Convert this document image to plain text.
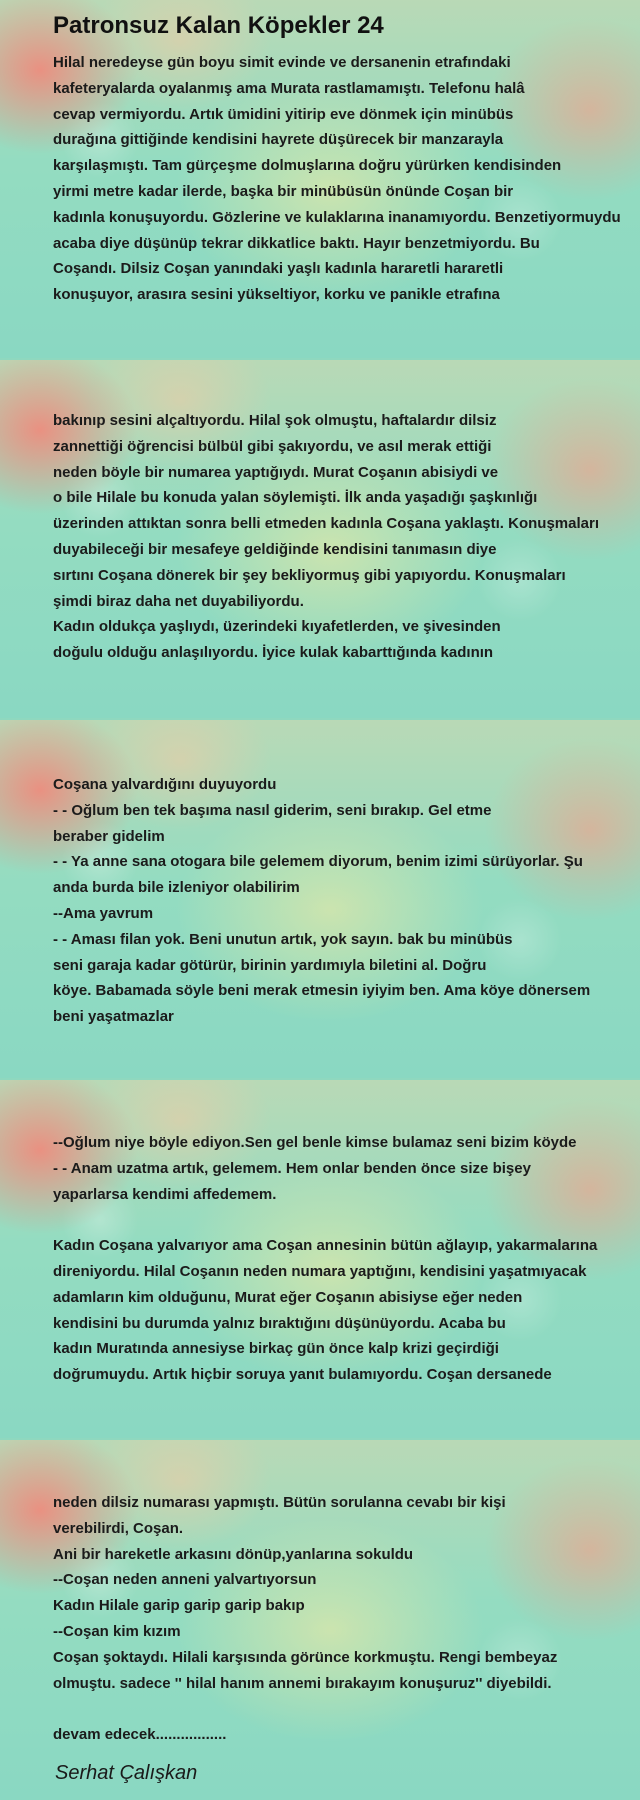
Patronsuz Kalan Köpekler 24

Hilal neredeyse gün boyu simit evinde ve dersanenin etrafındaki
kafeteryalarda oyalanmış ama Murata rastlamamıştı. Telefonu halâ
cevap vermiyordu. Artık ümidini yitirip eve dönmek için minübüs
durağına gittiğinde kendisini hayrete düşürecek bir manzarayla
karşılaşmıştı. Tam gürçeşme dolmuşlarına doğru yürürken kendisinden
yirmi metre kadar ilerde, başka bir minübüsün önünde Coşan bir
kadınla konuşuyordu. Gözlerine ve kulaklarına inanamıyordu. Benzetiyormuydu
acaba diye düşünüp tekrar dikkatlice baktı. Hayır benzetmiyordu. Bu
Coşandı. Dilsiz Coşan yanındaki yaşlı kadınla hararetli hararetli
konuşuyor, arasıra sesini yükseltiyor, korku ve panikle etrafına

bakınıp sesini alçaltıyordu. Hilal şok olmuştu, haftalardır dilsiz
zannettiği öğrencisi bülbül gibi şakıyordu, ve asıl merak ettiği
neden böyle bir numarea yaptığıydı. Murat Coşanın abisiydi ve
o bile Hilale bu konuda yalan söylemişti. İlk anda yaşadığı şaşkınlığı
üzerinden attıktan sonra belli etmeden kadınla Coşana yaklaştı. Konuşmaları
duyabileceği bir mesafeye geldiğinde kendisini tanımasın diye
sırtını Coşana dönerek bir şey bekliyormuş gibi yapıyordu. Konuşmaları
şimdi biraz daha net duyabiliyordu.
Kadın oldukça yaşlıydı, üzerindeki kıyafetlerden, ve şivesinden
doğulu olduğu anlaşılıyordu. İyice kulak kabarttığında kadının

Coşana yalvardığını duyuyordu
- - Oğlum ben tek başıma nasıl giderim, seni bırakıp. Gel etme
beraber gidelim
- - Ya anne sana otogara bile gelemem diyorum, benim izimi sürüyorlar. Şu
anda burda bile izleniyor olabilirim
--Ama yavrum
- - Aması filan yok. Beni unutun artık, yok sayın. bak bu minübüs
seni garaja kadar götürür, birinin yardımıyla biletini al. Doğru
köye. Babamada söyle beni merak etmesin iyiyim ben. Ama köye dönersem
beni yaşatmazlar

--Oğlum niye böyle ediyon.Sen gel benle kimse bulamaz seni bizim köyde
- - Anam uzatma artık, gelemem. Hem onlar benden önce size bişey
yaparlarsa kendimi affedemem.

Kadın Coşana yalvarıyor ama Coşan annesinin bütün ağlayıp, yakarmalarına
direniyordu. Hilal Coşanın neden numara yaptığını, kendisini yaşatmıyacak
adamların kim olduğunu, Murat eğer Coşanın abisiyse eğer neden
kendisini bu durumda yalnız bıraktığını düşünüyordu. Acaba bu
kadın Muratında annesiyse birkaç gün önce kalp krizi geçirdiği
doğrumuydu. Artık hiçbir soruya yanıt bulamıyordu. Coşan dersanede

neden dilsiz numarası yapmıştı. Bütün sorulanna cevabı bir kişi
verebilirdi, Coşan.
Ani bir hareketle arkasını dönüp,yanlarına sokuldu
--Coşan neden anneni yalvartıyorsun
Kadın Hilale garip garip garip bakıp
--Coşan kim kızım
Coşan şoktaydı. Hilali karşısında görünce korkmuştu. Rengi bembeyaz
olmuştu. sadece '' hilal hanım annemi bırakayım konuşuruz'' diyebildi.

devam edecek.................

Serhat Çalışkan
